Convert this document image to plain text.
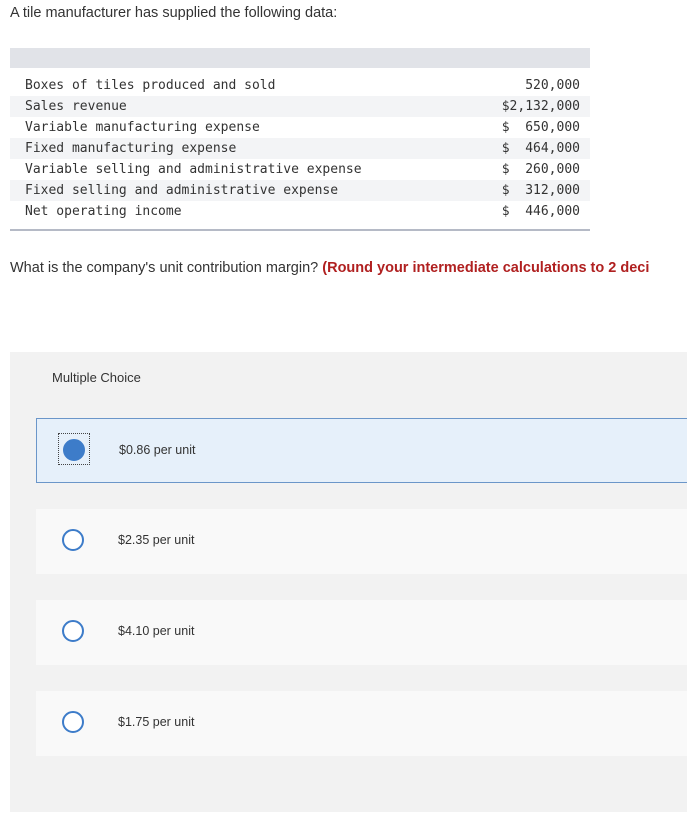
A tile manufacturer has supplied the following data:
Boxes of tiles produced and sold	520,000
Sales revenue	$2,132,000
Variable manufacturing expense	$  650,000
Fixed manufacturing expense	$  464,000
Variable selling and administrative expense	$  260,000
Fixed selling and administrative expense	$  312,000
Net operating income	$  446,000
What is the company's unit contribution margin? (Round your intermediate calculations to 2 deci
Multiple Choice
$0.86 per unit
$2.35 per unit
$4.10 per unit
$1.75 per unit
